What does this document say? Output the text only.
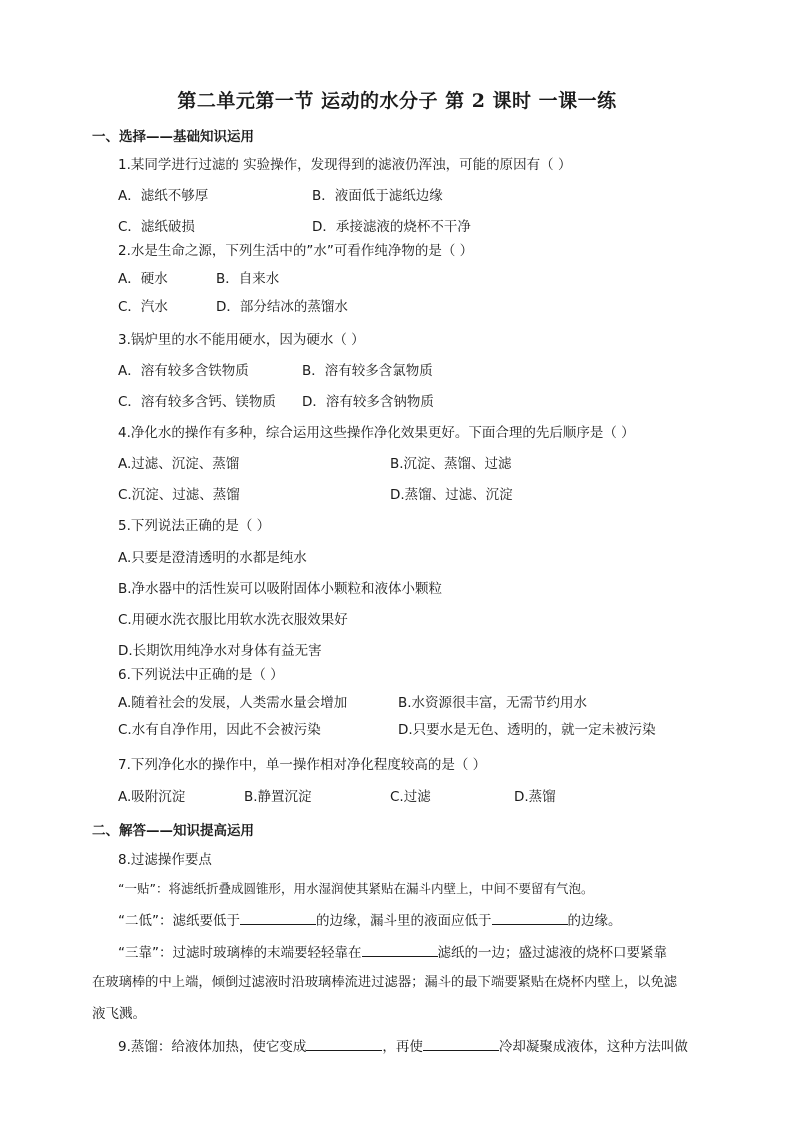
第二单元第一节 运动的水分子 第 2 课时 一课一练
一、选择——基础知识运用
1.某同学进行过滤的 实验操作，发现得到的滤液仍浑浊，可能的原因有（ ）
A．滤纸不够厚	B．液面低于滤纸边缘
C．滤纸破损	D．承接滤液的烧杯不干净
2.水是生命之源，下列生活中的”水”可看作纯净物的是（ ）
A．硬水	B．自来水
C．汽水	D．部分结冰的蒸馏水
3.锅炉里的水不能用硬水，因为硬水（ ）
A．溶有较多含铁物质	B．溶有较多含氯物质
C．溶有较多含钙、镁物质 D．溶有较多含钠物质
4.净化水的操作有多种，综合运用这些操作净化效果更好。下面合理的先后顺序是（ ）
A.过滤、沉淀、蒸馏	B.沉淀、蒸馏、过滤
C.沉淀、过滤、蒸馏	D.蒸馏、过滤、沉淀
5.下列说法正确的是（ ）
A.只要是澄清透明的水都是纯水
B.净水器中的活性炭可以吸附固体小颗粒和液体小颗粒
C.用硬水洗衣服比用软水洗衣服效果好
D.长期饮用纯净水对身体有益无害
6.下列说法中正确的是（ ）
A.随着社会的发展，人类需水量会增加	B.水资源很丰富，无需节约用水
C.水有自净作用，因此不会被污染	D.只要水是无色、透明的，就一定未被污染
7.下列净化水的操作中，单一操作相对净化程度较高的是（ ）
A.吸附沉淀	B.静置沉淀	C.过滤	D.蒸馏
二、解答——知识提高运用
8.过滤操作要点
“一贴”：将滤纸折叠成圆锥形，用水湿润使其紧贴在漏斗内壁上，中间不要留有气泡。
“二低”：滤纸要低于	的边缘，漏斗里的液面应低于	的边缘。
“三靠”：过滤时玻璃棒的末端要轻轻靠在	滤纸的一边；盛过滤液的烧杯口要紧靠
在玻璃棒的中上端，倾倒过滤液时沿玻璃棒流进过滤器；漏斗的最下端要紧贴在烧杯内壁上，以免滤
液飞溅。
9.蒸馏：给液体加热，使它变成	，再使	冷却凝聚成液体，这种方法叫做
